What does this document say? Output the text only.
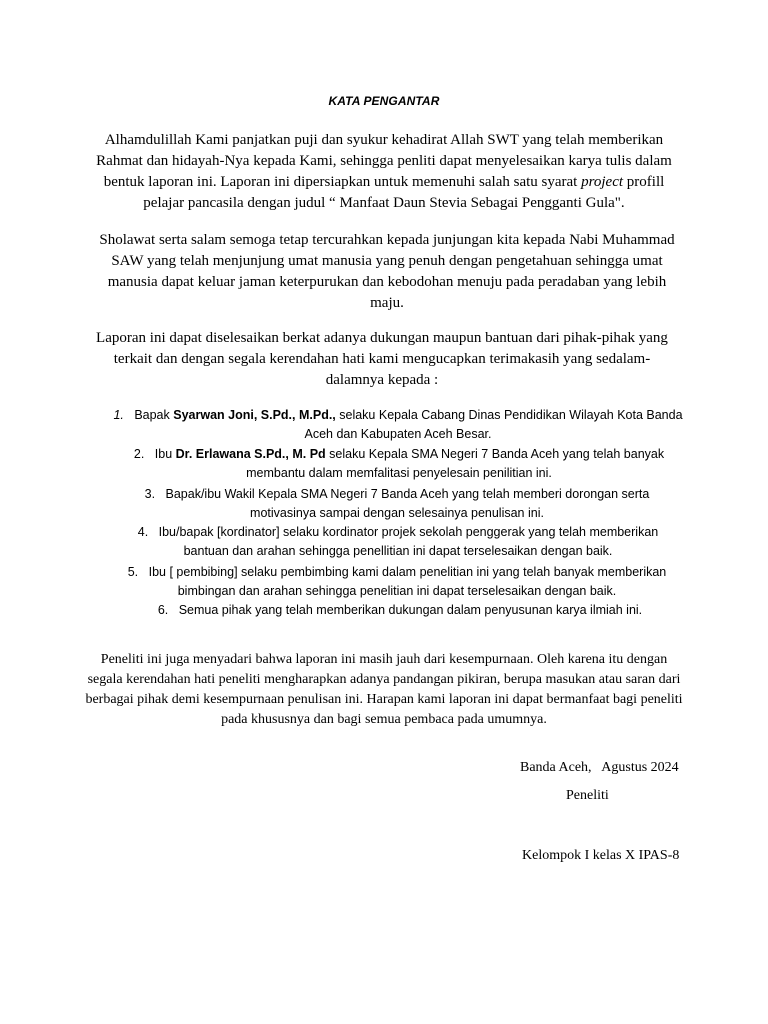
KATA PENGANTAR
Alhamdulillah Kami panjatkan puji dan syukur kehadirat Allah SWT yang telah memberikan Rahmat dan hidayah-Nya kepada Kami, sehingga penliti dapat menyelesaikan karya tulis dalam bentuk laporan ini. Laporan ini dipersiapkan untuk memenuhi salah satu syarat project profill pelajar pancasila dengan judul “ Manfaat Daun Stevia Sebagai Pengganti Gula".
Sholawat serta salam semoga tetap tercurahkan kepada junjungan kita kepada Nabi Muhammad SAW yang telah menjunjung umat manusia yang penuh dengan pengetahuan sehingga umat manusia dapat keluar jaman keterpurukan dan kebodohan menuju pada peradaban yang lebih maju.
Laporan ini dapat diselesaikan berkat adanya dukungan maupun bantuan dari pihak-pihak yang terkait dan dengan segala kerendahan hati kami mengucapkan terimakasih yang sedalam-dalamnya kepada :
1. Bapak Syarwan Joni, S.Pd., M.Pd., selaku Kepala Cabang Dinas Pendidikan Wilayah Kota Banda Aceh dan Kabupaten Aceh Besar.
2. Ibu Dr. Erlawana S.Pd., M. Pd selaku Kepala SMA Negeri 7 Banda Aceh yang telah banyak membantu dalam memfalitasi penyelesain penilitian ini.
3. Bapak/ibu Wakil Kepala SMA Negeri 7 Banda Aceh yang telah memberi dorongan serta motivasinya sampai dengan selesainya penulisan ini.
4. Ibu/bapak [kordinator] selaku kordinator projek sekolah penggerak yang telah memberikan bantuan dan arahan sehingga penellitian ini dapat terselesaikan dengan baik.
5. Ibu [ pembibing] selaku pembimbing kami dalam penelitian ini yang telah banyak memberikan bimbingan dan arahan sehingga penelitian ini dapat terselesaikan dengan baik.
6. Semua pihak yang telah memberikan dukungan dalam penyusunan karya ilmiah ini.
Peneliti ini juga menyadari bahwa laporan ini masih jauh dari kesempurnaan. Oleh karena itu dengan segala kerendahan hati peneliti mengharapkan adanya pandangan pikiran, berupa masukan atau saran dari berbagai pihak demi kesempurnaan penulisan ini. Harapan kami laporan ini dapat bermanfaat bagi peneliti pada khususnya dan bagi semua pembaca pada umumnya.
Banda Aceh,   Agustus 2024
Peneliti
Kelompok I kelas X IPAS-8
